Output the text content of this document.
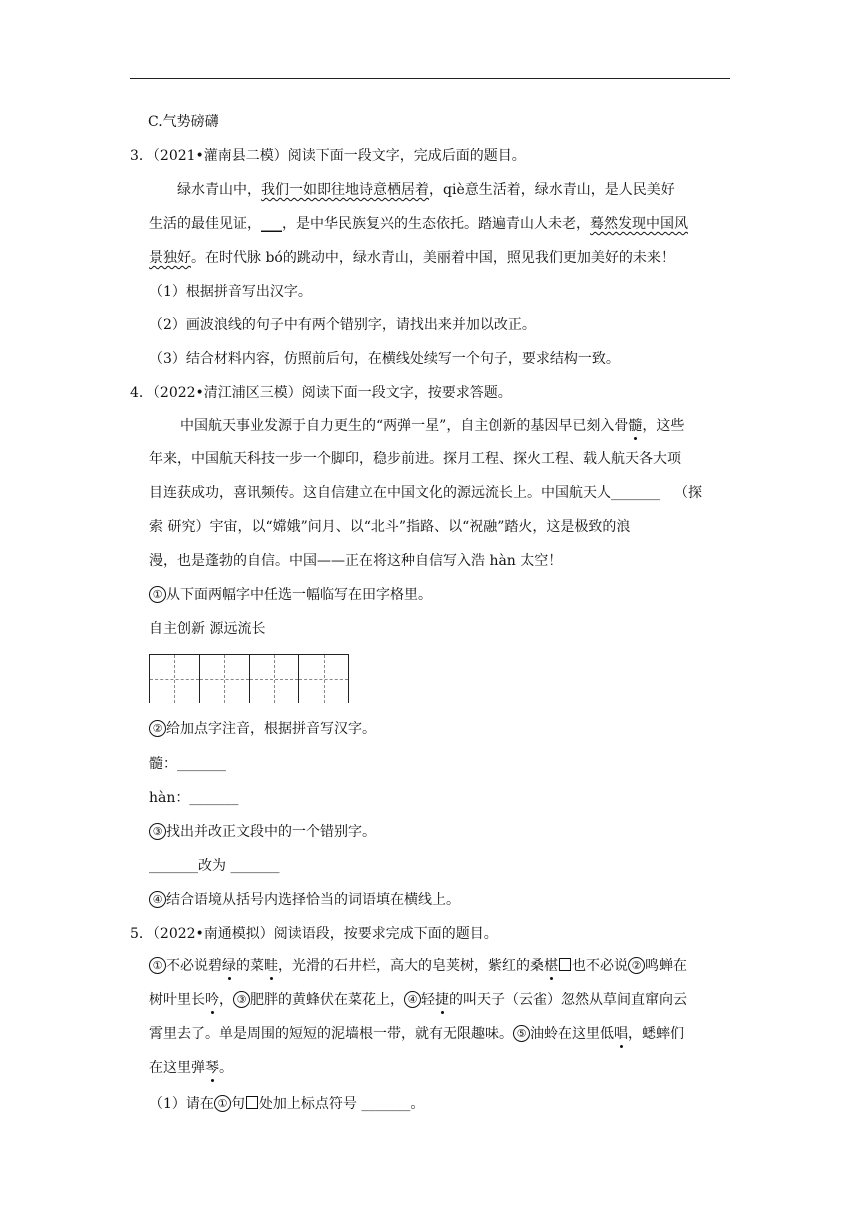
C.气势磅礴
3．（2021•灌南县二模）阅读下面一段文字，完成后面的题目。
绿水青山中，我们一如即往地诗意栖居着，qiè意生活着，绿水青山，是人民美好
生活的最佳见证，___，是中华民族复兴的生态依托。踏遍青山人未老，蓦然发现中国风
景独好。在时代脉 bó的跳动中，绿水青山，美丽着中国，照见我们更加美好的未来！
（1）根据拼音写出汉字。
（2）画波浪线的句子中有两个错别字，请找出来并加以改正。
（3）结合材料内容，仿照前后句，在横线处续写一个句子，要求结构一致。
4．（2022•清江浦区三模）阅读下面一段文字，按要求答题。
中国航天事业发源于自力更生的“两弹一星”，自主创新的基因早已刻入骨髓，这些
年来，中国航天科技一步一个脚印，稳步前进。探月工程、探火工程、载人航天各大项
目连获成功，喜讯频传。这自信建立在中国文化的源远流长上。中国航天人_______ （探
索 研究）宇宙，以“嫦娥”问月、以“北斗”指路、以“祝融”踏火，这是极致的浪
漫，也是蓬勃的自信。中国——正在将这种自信写入浩 hàn 太空！
① 从下面两幅字中任选一幅临写在田字格里。
自主创新 源远流长
② 给加点字注音，根据拼音写汉字。
髓：_______
hàn：_______
③ 找出并改正文段中的一个错别字。
_______改为 _______
④ 结合语境从括号内选择恰当的词语填在横线上。
5．（2022•南通模拟）阅读语段，按要求完成下面的题目。
① 不必说碧绿的菜畦，光滑的石井栏，高大的皂荚树，紫红的桑椹 也不必说 ② 鸣蝉在
树叶里长吟， ③ 肥胖的黄蜂伏在菜花上， ④ 轻捷的叫天子（云雀）忽然从草间直窜向云
霄里去了。单是周围的短短的泥墙根一带，就有无限趣味。 ⑤ 油蛉在这里低唱，蟋蟀们
在这里弹琴。
（1）请在 ① 句 处加上标点符号 _______。
